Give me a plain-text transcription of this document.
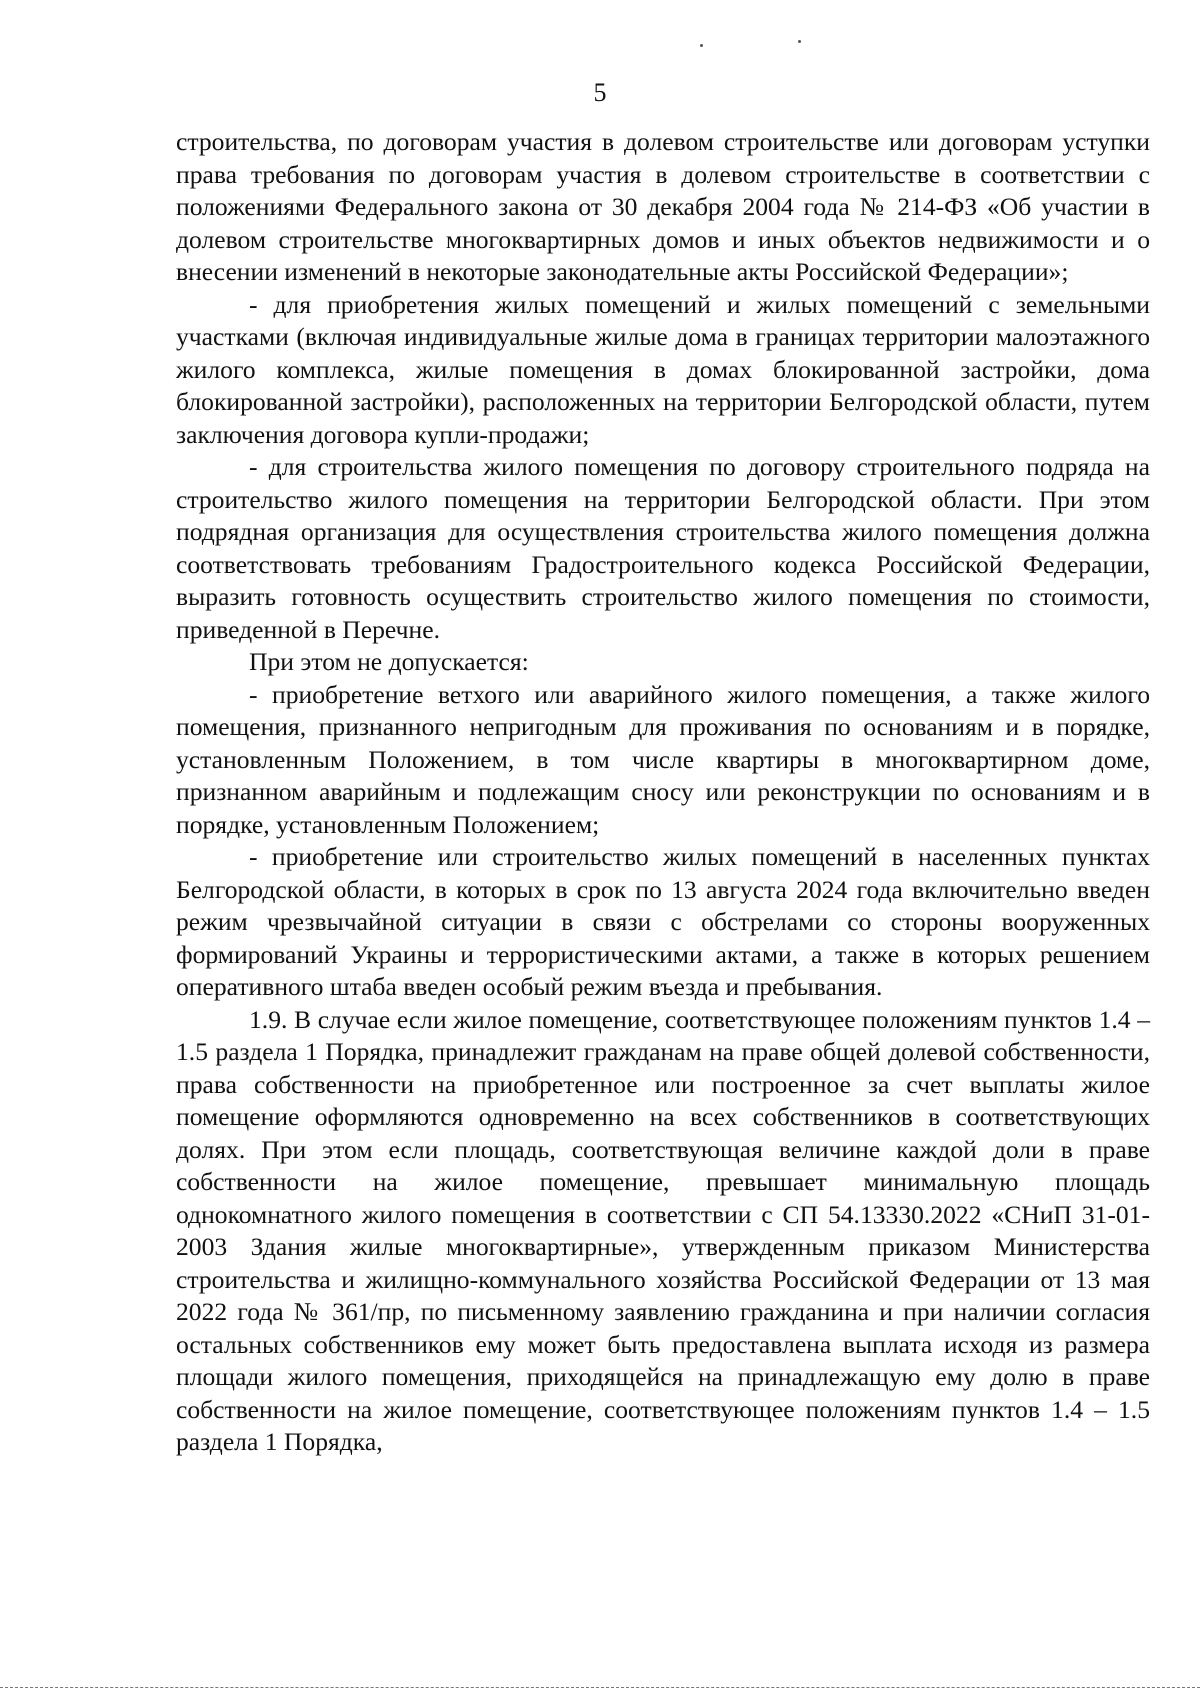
5

строительства, по договорам участия в долевом строительстве или договорам уступки права требования по договорам участия в долевом строительстве в соответствии с положениями Федерального закона от 30 декабря 2004 года № 214-ФЗ «Об участии в долевом строительстве многоквартирных домов и иных объектов недвижимости и о внесении изменений в некоторые законодательные акты Российской Федерации»;

- для приобретения жилых помещений и жилых помещений с земельными участками (включая индивидуальные жилые дома в границах территории малоэтажного жилого комплекса, жилые помещения в домах блокированной застройки, дома блокированной застройки), расположенных на территории Белгородской области, путем заключения договора купли-продажи;

- для строительства жилого помещения по договору строительного подряда на строительство жилого помещения на территории Белгородской области. При этом подрядная организация для осуществления строительства жилого помещения должна соответствовать требованиям Градостроительного кодекса Российской Федерации, выразить готовность осуществить строительство жилого помещения по стоимости, приведенной в Перечне.

При этом не допускается:

- приобретение ветхого или аварийного жилого помещения, а также жилого помещения, признанного непригодным для проживания по основаниям и в порядке, установленным Положением, в том числе квартиры в многоквартирном доме, признанном аварийным и подлежащим сносу или реконструкции по основаниям и в порядке, установленным Положением;

- приобретение или строительство жилых помещений в населенных пунктах Белгородской области, в которых в срок по 13 августа 2024 года включительно введен режим чрезвычайной ситуации в связи с обстрелами со стороны вооруженных формирований Украины и террористическими актами, а также в которых решением оперативного штаба введен особый режим въезда и пребывания.

1.9. В случае если жилое помещение, соответствующее положениям пунктов 1.4 – 1.5 раздела 1 Порядка, принадлежит гражданам на праве общей долевой собственности, права собственности на приобретенное или построенное за счет выплаты жилое помещение оформляются одновременно на всех собственников в соответствующих долях. При этом если площадь, соответствующая величине каждой доли в праве собственности на жилое помещение, превышает минимальную площадь однокомнатного жилого помещения в соответствии с СП 54.13330.2022 «СНиП 31-01-2003 Здания жилые многоквартирные», утвержденным приказом Министерства строительства и жилищно-коммунального хозяйства Российской Федерации от 13 мая 2022 года № 361/пр, по письменному заявлению гражданина и при наличии согласия остальных собственников ему может быть предоставлена выплата исходя из размера площади жилого помещения, приходящейся на принадлежащую ему долю в праве собственности на жилое помещение, соответствующее положениям пунктов 1.4 – 1.5 раздела 1 Порядка,
